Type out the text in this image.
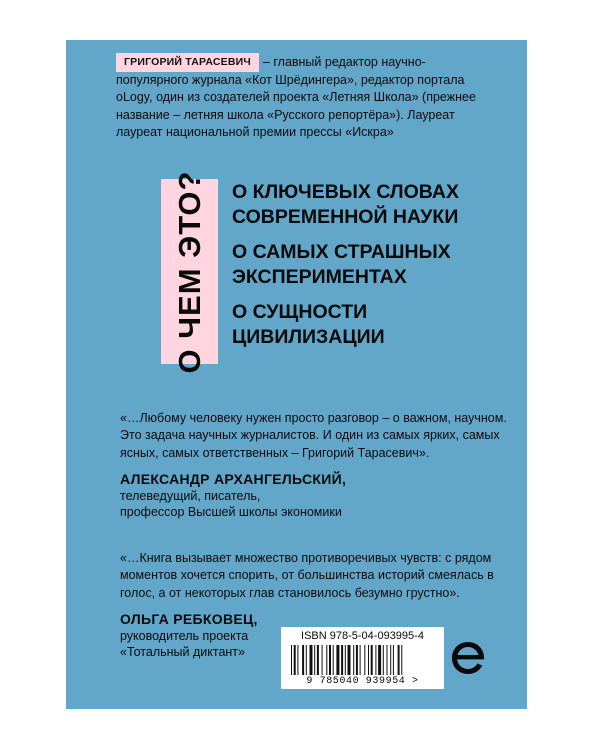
ГРИГОРИЙ ТАРАСЕВИЧ – главный редактор научно-популярного журнала «Кот Шрёдингера», редактор портала oLogy, один из создателей проекта «Летняя Школа» (прежнее название – летняя школа «Русского репортёра»). Лауреат лауреат национальной премии прессы «Искра»
О ЧЕМ ЭТО? О КЛЮЧЕВЫХ СЛОВАХ
СОВРЕМЕННОЙ НАУКИ
О САМЫХ СТРАШНЫХ
ЭКСПЕРИМЕНТАХ
О СУЩНОСТИ
ЦИВИЛИЗАЦИИ
«…Любому человеку нужен просто разговор – о важном, научном. Это задача научных журналистов. И один из самых ярких, самых ясных, самых ответственных – Григорий Тарасевич».
АЛЕКСАНДР АРХАНГЕЛЬСКИЙ,
телеведущий, писатель,
профессор Высшей школы экономики
«…Книга вызывает множество противоречивых чувств: с рядом моментов хочется спорить, от большинства историй смеялась в голос, а от некоторых глав становилось безумно грустно».
ОЛЬГА РЕБКОВЕЦ,
руководитель проекта
«Тотальный диктант»
ISBN 978-5-04-093995-4
9 785040 939954 >
